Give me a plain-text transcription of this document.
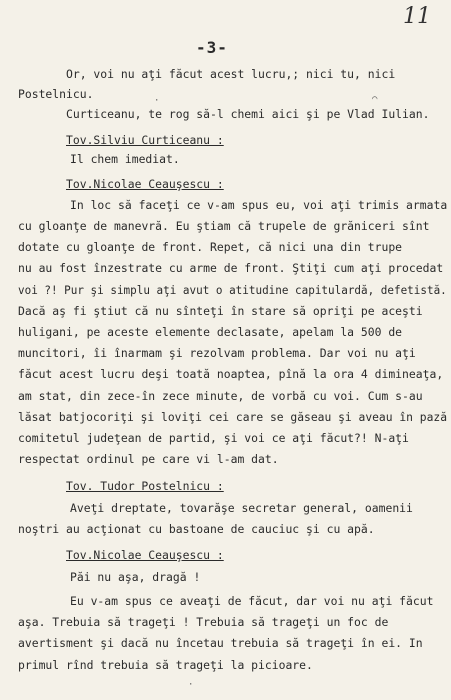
11
-3-
·	⌒
·
Or, voi nu aţi făcut acest lucru,; nici tu, nici
Postelnicu.
Curticeanu, te rog să-l chemi aici şi pe Vlad Iulian.
Tov.Silviu Curticeanu :
Il chem imediat.
Tov.Nicolae Ceauşescu :
In loc să faceţi ce v-am spus eu, voi aţi trimis armata
cu gloanţe de manevră. Eu ştiam că trupele de grăniceri sînt
dotate cu gloanţe de front. Repet, că nici una din trupe
nu au fost înzestrate cu arme de front. Ştiţi cum aţi procedat
voi ?! Pur şi simplu aţi avut o atitudine capitulardă, defetistă.
Dacă aş fi ştiut că nu sînteţi în stare să opriţi pe aceşti
huligani, pe aceste elemente declasate, apelam la 500 de
muncitori, îi înarmam şi rezolvam problema. Dar voi nu aţi
făcut acest lucru deşi toată noaptea, pînă la ora 4 dimineaţa,
am stat, din zece-în zece minute, de vorbă cu voi. Cum s-au
lăsat batjocoriţi şi loviţi cei care se găseau şi aveau în pază
comitetul judeţean de partid, şi voi ce aţi făcut?! N-aţi
respectat ordinul pe care vi l-am dat.
Tov. Tudor Postelnicu :
Aveţi dreptate, tovarăşe secretar general, oamenii
noştri au acţionat cu bastoane de cauciuc şi cu apă.
Tov.Nicolae Ceauşescu :
Păi nu aşa, dragă !
Eu v-am spus ce aveaţi de făcut, dar voi nu aţi făcut
aşa. Trebuia să trageţi ! Trebuia să trageţi un foc de
avertisment şi dacă nu încetau trebuia să trageţi în ei. In
primul rînd trebuia să trageţi la picioare.
